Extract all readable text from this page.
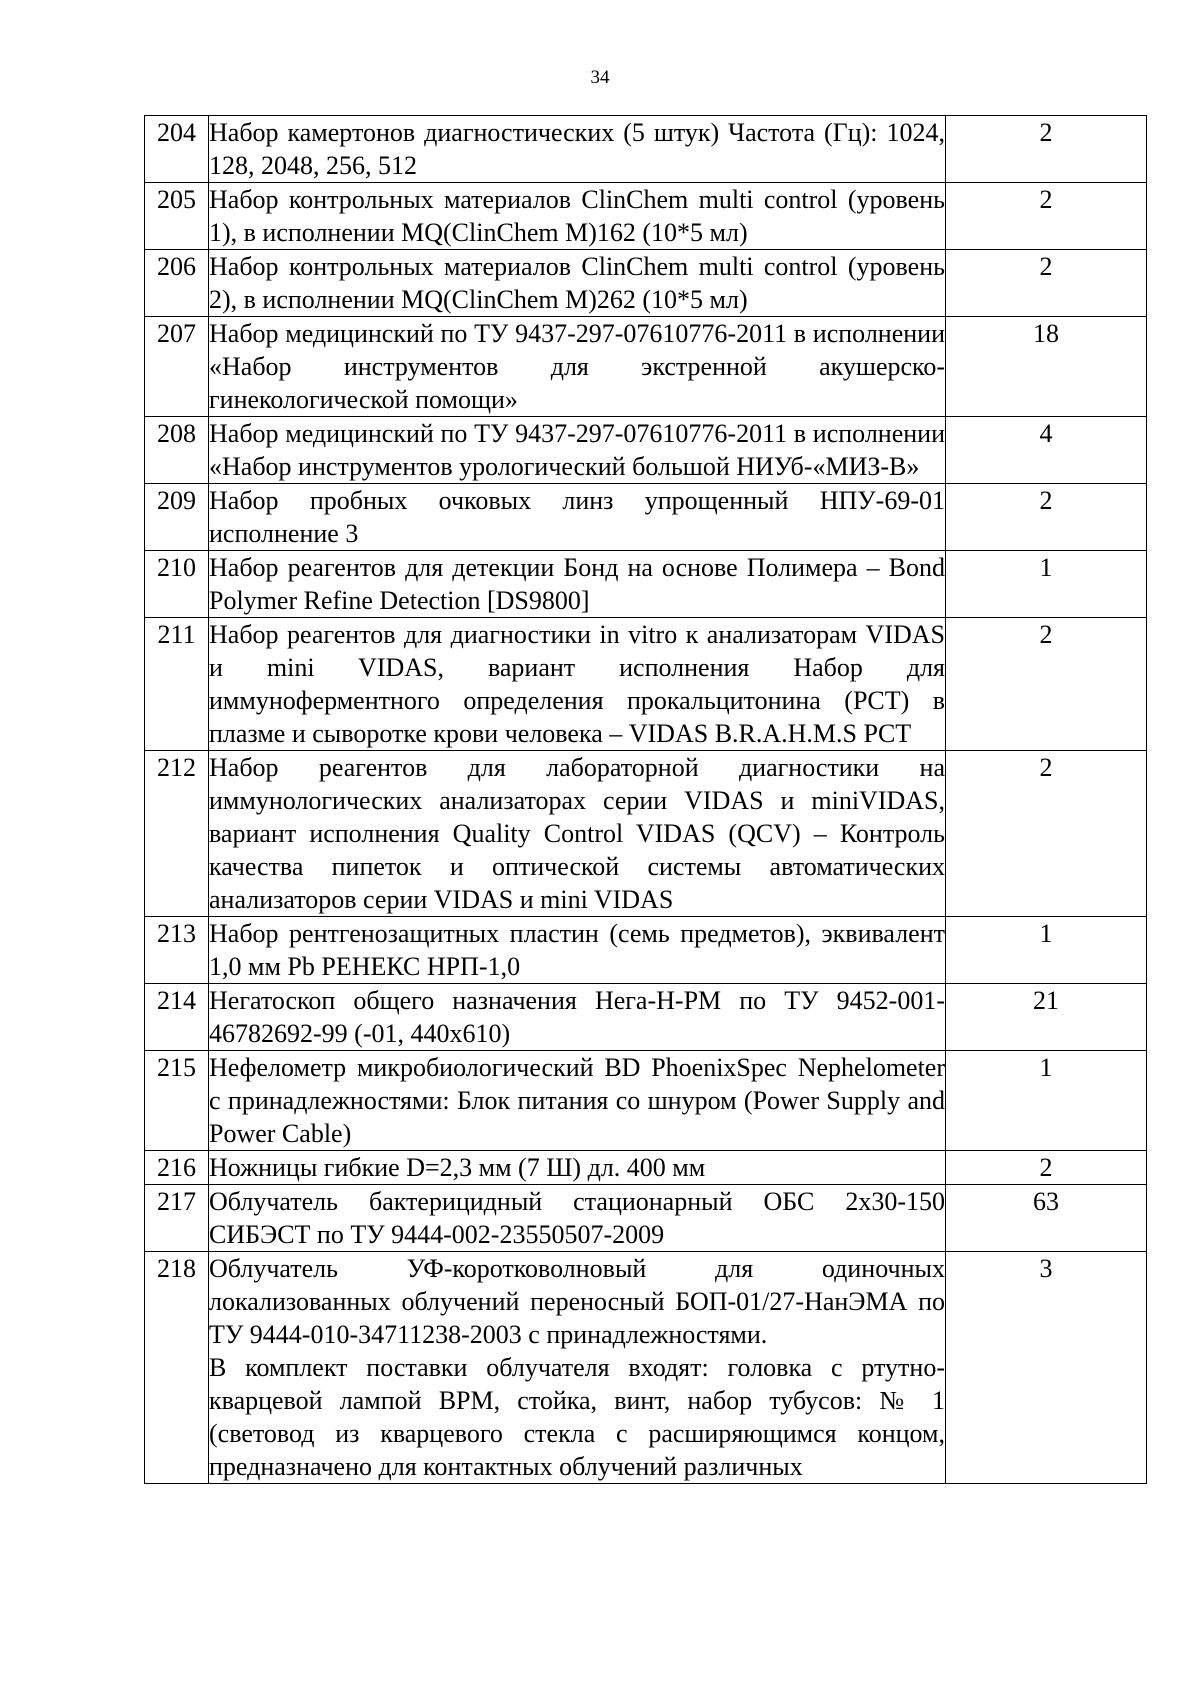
34
204	Набор камертонов диагностических (5 штук) Частота (Гц): 1024, 128, 2048, 256, 512	2
205	Набор контрольных материалов ClinChem multi control (уровень 1), в исполнении MQ(ClinChem M)162 (10*5 мл)	2
206	Набор контрольных материалов ClinChem multi control (уровень 2), в исполнении MQ(ClinChem M)262 (10*5 мл)	2
207	Набор медицинский по ТУ 9437-297-07610776-2011 в исполнении «Набор инструментов для экстренной акушерско-гинекологической помощи»	18
208	Набор медицинский по ТУ 9437-297-07610776-2011 в исполнении «Набор инструментов урологический большой НИУб-«МИЗ-В»	4
209	Набор пробных очковых линз упрощенный НПУ-69-01 исполнение 3	2
210	Набор реагентов для детекции Бонд на основе Полимера – Bond Polymer Refine Detection [DS9800]	1
211	Набор реагентов для диагностики in vitro к анализаторам VIDAS и mini VIDAS, вариант исполнения Набор для иммуноферментного определения прокальцитонина (PCT) в плазме и сыворотке крови человека – VIDAS B.R.A.H.M.S PCT	2
212	Набор реагентов для лабораторной диагностики на иммунологических анализаторах серии VIDAS и miniVIDAS, вариант исполнения Quality Control VIDAS (QCV) – Контроль качества пипеток и оптической системы автоматических анализаторов серии VIDAS и mini VIDAS	2
213	Набор рентгенозащитных пластин (семь предметов), эквивалент 1,0 мм Pb РЕНЕКС НРП-1,0	1
214	Негатоскоп общего назначения Нега-Н-РМ по ТУ 9452-001-46782692-99 (-01, 440x610)	21
215	Нефелометр микробиологический BD PhoenixSpec Nephelometer с принадлежностями: Блок питания со шнуром (Power Supply and Power Cable)	1
216	Ножницы гибкие D=2,3 мм (7 Ш) дл. 400 мм	2
217	Облучатель бактерицидный стационарный ОБС 2х30-150 СИБЭСТ по ТУ 9444-002-23550507-2009	63
218	Облучатель УФ-коротковолновый для одиночных локализованных облучений переносный БОП-01/27-НанЭМА по ТУ 9444-010-34711238-2003 с принадлежностями.
В комплект поставки облучателя входят: головка с ртутно-кварцевой лампой ВРМ, стойка, винт, набор тубусов: № 1 (световод из кварцевого стекла с расширяющимся концом, предназначено для контактных облучений различных	3
